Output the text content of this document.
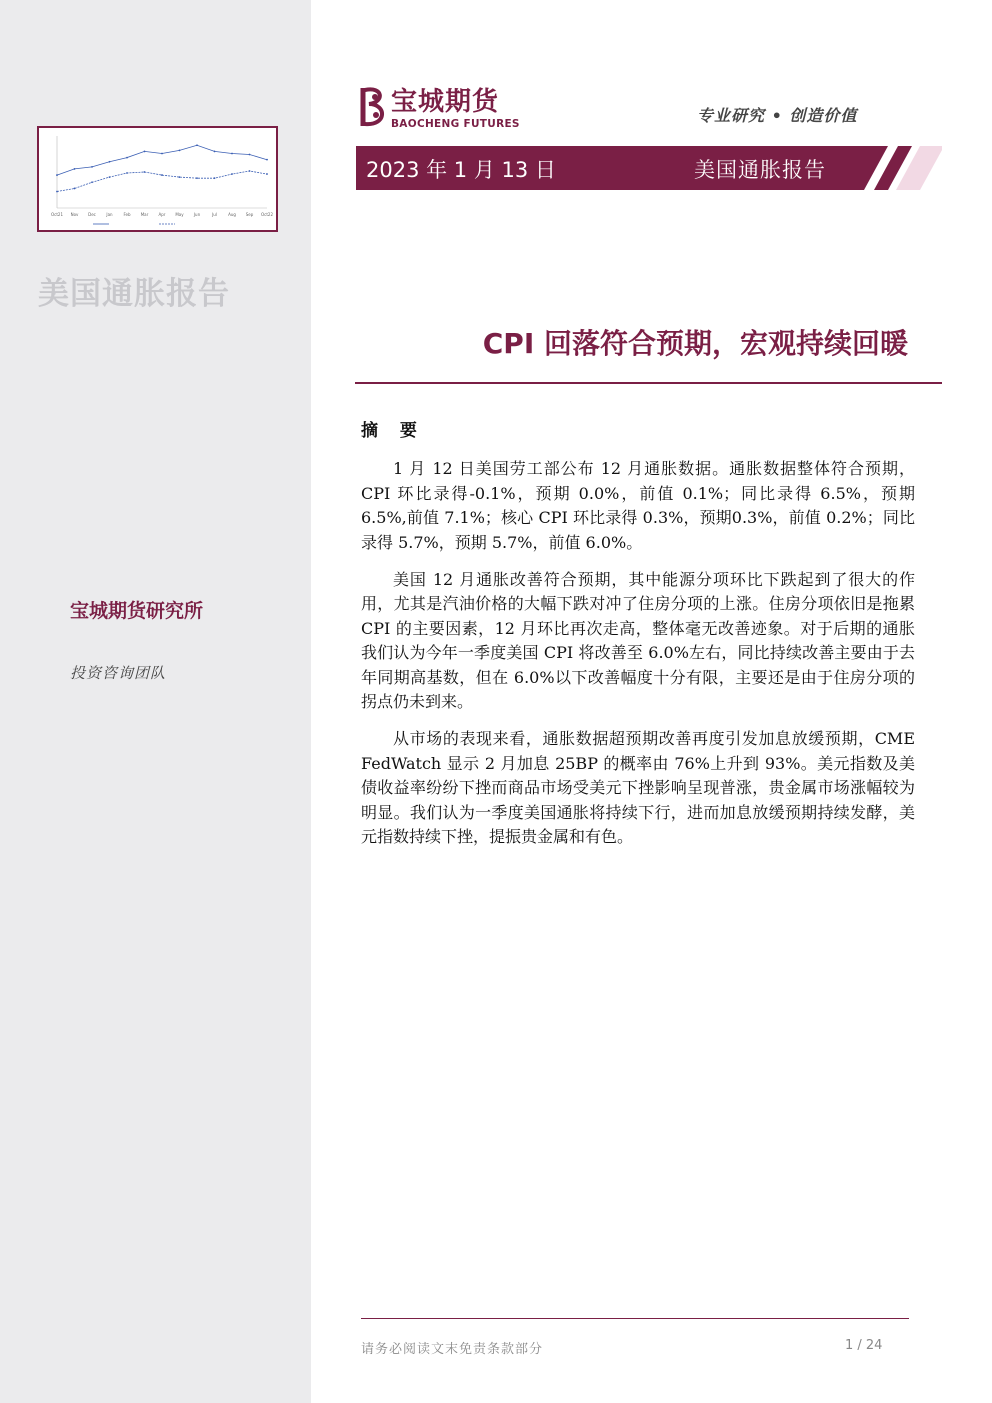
Oct21 Nov Dec	Jan	Feb	Mar	Apr May	Jun	Jul	Aug Sep Oct22
美国通胀报告
宝城期货研究所
投资咨询团队
宝城期货
BAOCHENG FUTURES	专业研究 • 创造价值
2023 年 1 月 13 日	美国通胀报告
CPI 回落符合预期，宏观持续回暖
摘 要

1 月 12 日美国劳工部公布 12 月通胀数据。通胀数据整体符合预期， CPI 环比录得-0.1%，预期 0.0%，前值 0.1%；同比录得 6.5%，预期 6.5%,前值 7.1%；核心 CPI 环比录得 0.3%，预期0.3%，前值 0.2%；同比录得 5.7%，预期 5.7%，前值 6.0%。

美国 12 月通胀改善符合预期，其中能源分项环比下跌起到了很大的作用，尤其是汽油价格的大幅下跌对冲了住房分项的上涨。住房分项依旧是拖累 CPI 的主要因素，12 月环比再次走高，整体毫无改善迹象。对于后期的通胀我们认为今年一季度美国 CPI 将改善至 6.0%左右，同比持续改善主要由于去年同期高基数，但在 6.0%以下改善幅度十分有限，主要还是由于住房分项的拐点仍未到来。

从市场的表现来看，通胀数据超预期改善再度引发加息放缓预期，CME FedWatch 显示 2 月加息 25BP 的概率由 76%上升到 93%。美元指数及美债收益率纷纷下挫而商品市场受美元下挫影响呈现普涨，贵金属市场涨幅较为明显。我们认为一季度美国通胀将持续下行，进而加息放缓预期持续发酵，美元指数持续下挫，提振贵金属和有色。

请务必阅读文末免责条款部分	1 / 24
